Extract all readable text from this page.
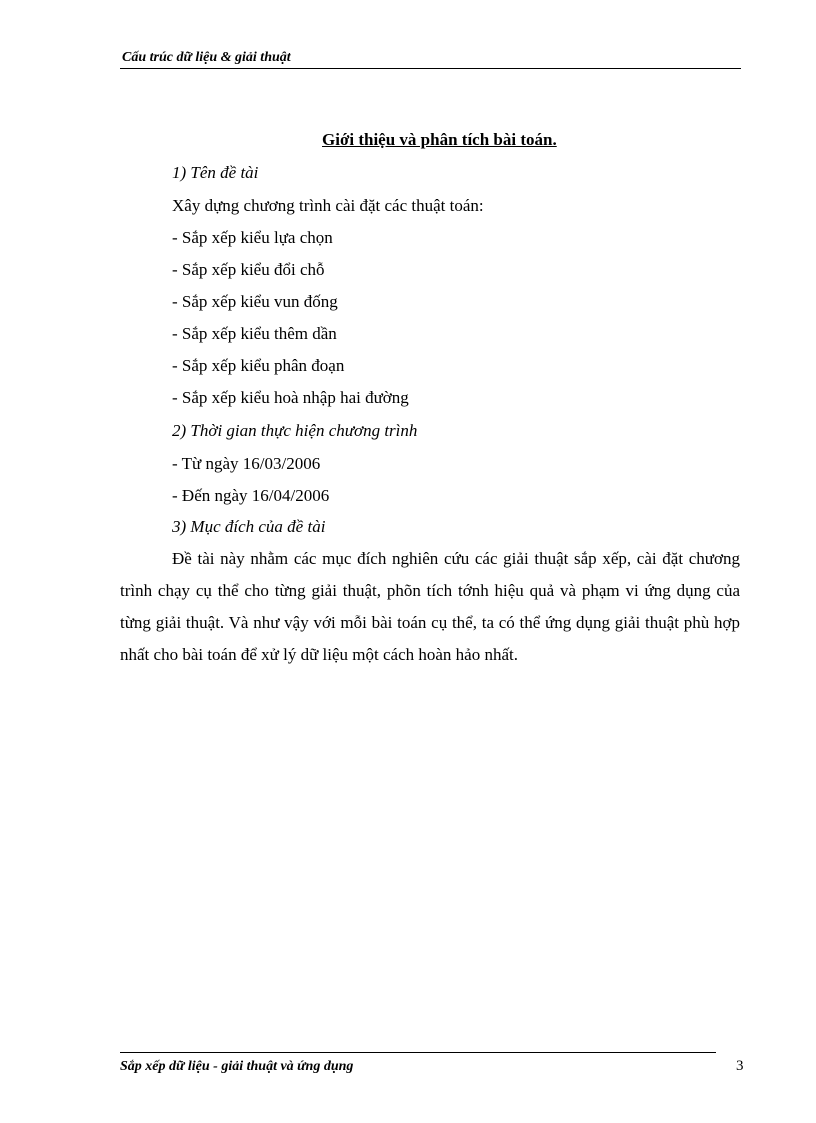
Cấu trúc dữ liệu & giải thuật
Giới thiệu và phân tích bài toán.
1) Tên đề tài
Xây dựng chương trình cài đặt các thuật toán:
- Sắp xếp kiểu lựa chọn
- Sắp xếp kiểu đổi chỗ
- Sắp xếp kiểu vun đống
- Sắp xếp kiểu thêm dần
- Sắp xếp kiểu phân đoạn
- Sắp xếp kiểu hoà nhập hai đường
2) Thời gian thực hiện chương trình
- Từ ngày 16/03/2006
- Đến ngày 16/04/2006
3) Mục đích của đề tài
Đề tài này nhằm các mục đích nghiên cứu các giải thuật sắp xếp, cài đặt chương trình chạy cụ thể cho từng giải thuật, phõn tích tớnh hiệu quả và phạm vi ứng dụng của từng giải thuật. Và như vậy với mỗi bài toán cụ thể, ta có thể ứng dụng giải thuật phù hợp nhất cho bài toán để xử lý dữ liệu một cách hoàn hảo nhất.
Sắp xếp dữ liệu - giải thuật và ứng dụng	3
